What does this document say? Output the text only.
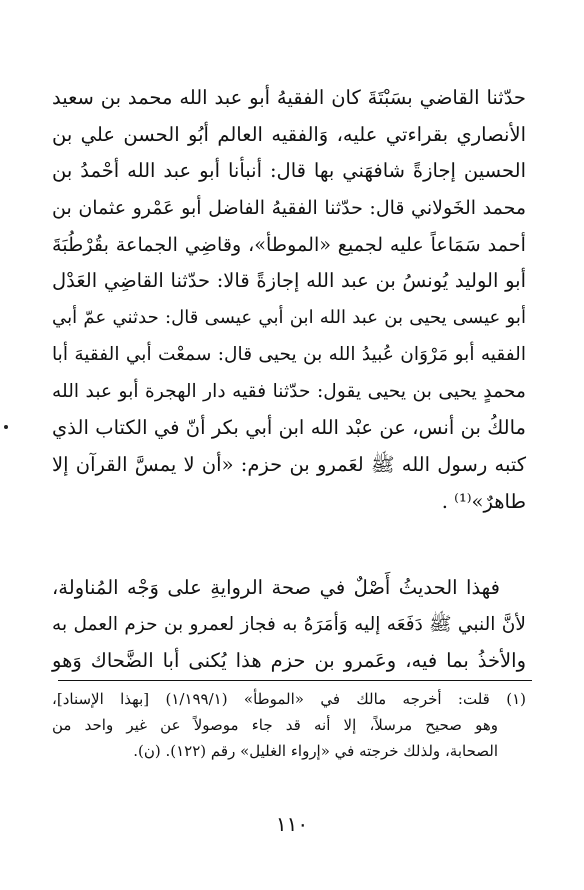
حدّثنا القاضي بسَبْتَةَ كان الفقيهُ أبو عبد الله محمد بن سعيد
الأنصاري بقراءتي عليه، وَالفقيه العالم أبُو الحسن علي بن
الحسين إجازةً شافهَني بها قال: أنبأنا أبو عبد الله أحْمدُ بن
محمد الخَولاني قال: حدّثنا الفقيهُ الفاضل أبو عَمْرو عثمان بن
أحمد سَمَاعاً عليه لجميع «الموطأ»، وقاضِي الجماعة بقُرْطُبَةَ
أبو الوليد يُونسُ بن عبد الله إجازةً قالا: حدّثنا القاضِي العَدْل
أبو عيسى يحيى بن عبد الله ابن أبي عيسى قال: حدثني عمّ أبي
الفقيه أبو مَرْوَان عُبيدُ الله بن يحيى قال: سمعْت أبي الفقيهَ أبا
محمدٍ يحيى بن يحيى يقول: حدّثنا فقيه دار الهجرة أبو عبد الله
مالكُ بن أنس، عن عبْد الله ابن أبي بكر أنّ في الكتاب الذي
كتبه رسول الله ﷺ لعَمرو بن حزم: «أن لا يمسَّ القرآن إلا
طاهرٌ»⁽¹⁾ .
فهذا الحديثُ أَصْلٌ في صحة الروايةِ على وَجْه المُناولة،
لأنَّ النبي ﷺ دَفَعَه إليه وَأمَرَهُ به فجاز لعمرو بن حزم العمل به
والأخذُ بما فيه، وعَمرو بن حزم هذا يُكنى أبا الضَّحاك وَهو
(١) قلت: أخرجه مالك في «الموطأ» (١/١٩٩/١) [بهذا الإسناد]،
وهو صحيح مرسلاً، إلا أنه قد جاء موصولاً عن غير واحد من
الصحابة، ولذلك خرجته في «إرواء الغليل» رقم (١٢٢). (ن).
١١٠
